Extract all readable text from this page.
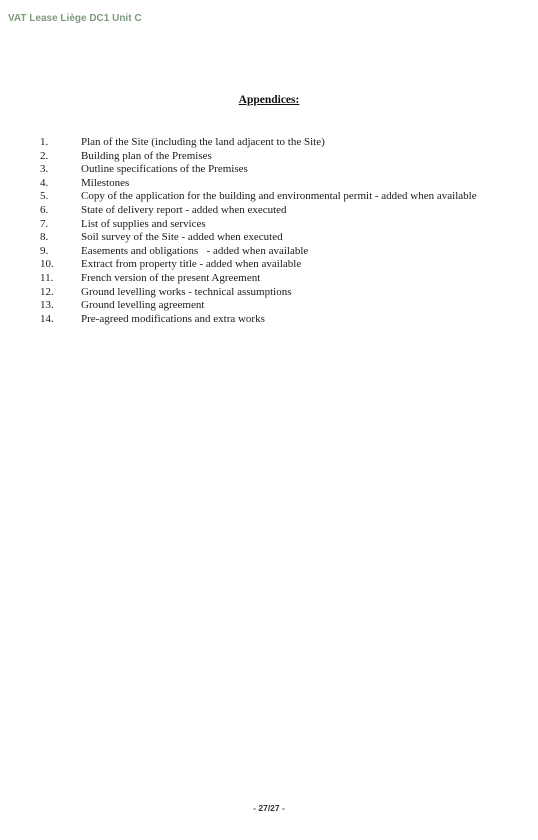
VAT Lease Liège DC1 Unit C
Appendices:
1.	Plan of the Site (including the land adjacent to the Site)
2.	Building plan of the Premises
3.	Outline specifications of the Premises
4.	Milestones
5.	Copy of the application for the building and environmental permit - added when available
6.	State of delivery report - added when executed
7.	List of supplies and services
8.	Soil survey of the Site - added when executed
9.	Easements and obligations   - added when available
10.	Extract from property title - added when available
11.	French version of the present Agreement
12.	Ground levelling works - technical assumptions
13.	Ground levelling agreement
14.	Pre-agreed modifications and extra works
- 27/27 -
